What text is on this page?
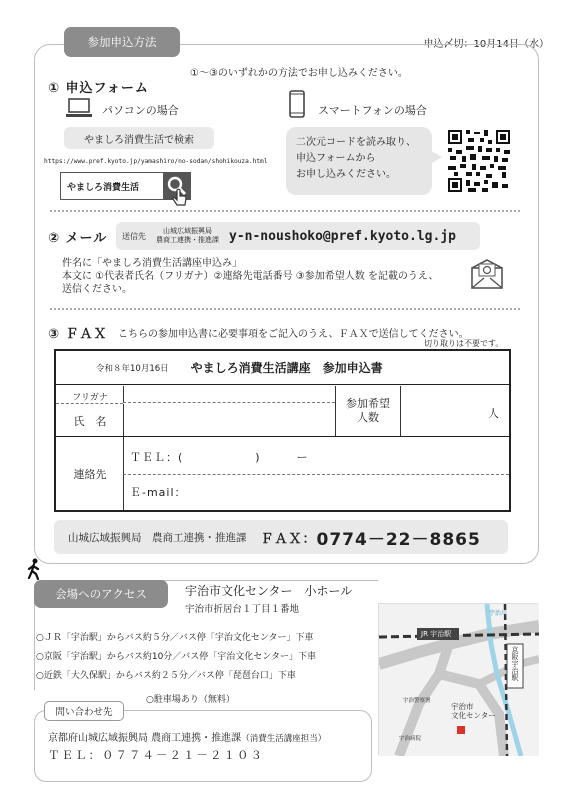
申込〆切：10月14日（水）
参加申込方法
①～③のいずれかの方法でお申し込みください。
① 申込フォーム
パソコンの場合
やましろ消費生活で検索
https://www.pref.kyoto.jp/yamashiro/no-sodan/shohikouza.html
やましろ消費生活
スマートフォンの場合
二次元コードを読み取り、
申込フォームから
お申し込みください。
② メール 送信先
山城広域振興局
農商工連携・推進課 y-n-noushoko@pref.kyoto.lg.jp
件名に「やましろ消費生活講座申込み」
本文に ①代表者氏名（フリガナ）②連絡先電話番号 ③参加希望人数 を記載のうえ、
送信ください。
③ ＦＡＸ こちらの参加申込書に必要事項をご記入のうえ、ＦＡＸで送信してください。
切り取りは不要です。
令和８年10月16日 やましろ消費生活講座　参加申込書
フリガナ
氏　名
参加希望
人数	人
連絡先
ＴＥＬ：(　　　　　　)　　　ー
Ｅ-mail：
山城広域振興局　農商工連携・推進課 ＦＡＸ： 0774－22－8865
会場へのアクセス	宇治市文化センター　小ホール
宇治市折居台１丁目１番地
○ＪＲ「宇治駅」からバス約５分／バス停「宇治文化センター」下車
○京阪「宇治駅」からバス約10分／バス停「宇治文化センター」下車
○近鉄「大久保駅」からバス約２５分／バス停「琵琶台口」下車
○駐車場あり（無料）
問い合わせ先
京都府山城広域振興局 農商工連携・推進課（消費生活講座担当）
ＴＥＬ：０７７４－２１－２１０３
JR 宇治駅
京阪宇治駅
宇治市
文化センター
宇治川
宇治警察署
宇治病院
